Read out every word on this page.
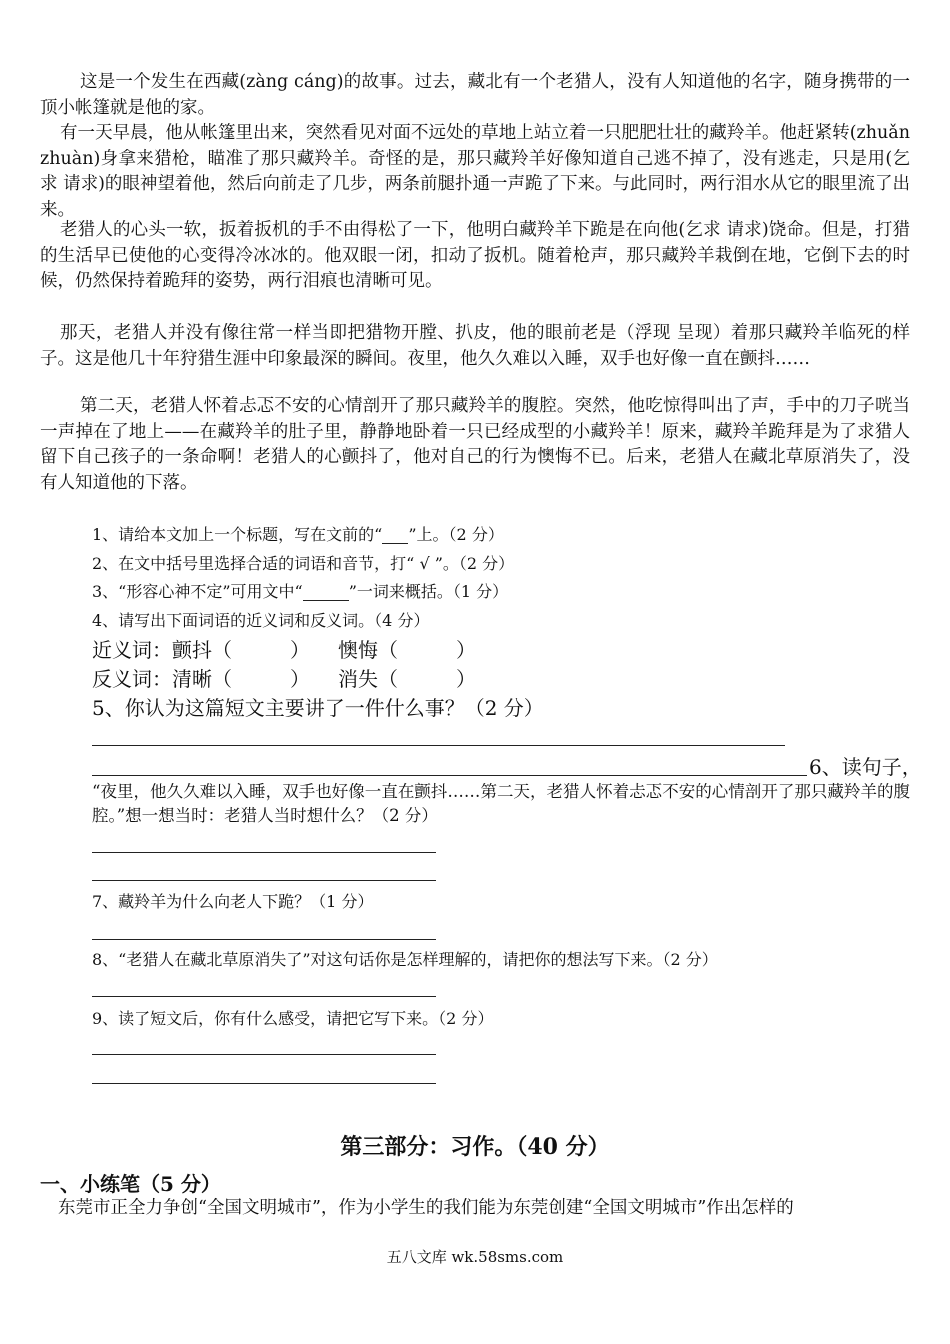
这是一个发生在西藏(zàng cáng)的故事。过去，藏北有一个老猎人，没有人知道他的名字，随身携带的一顶小帐篷就是他的家。

有一天早晨，他从帐篷里出来，突然看见对面不远处的草地上站立着一只肥肥壮壮的藏羚羊。他赶紧转(zhuǎn zhuàn)身拿来猎枪，瞄准了那只藏羚羊。奇怪的是，那只藏羚羊好像知道自己逃不掉了，没有逃走，只是用(乞求 请求)的眼神望着他，然后向前走了几步，两条前腿扑通一声跪了下来。与此同时，两行泪水从它的眼里流了出来。

老猎人的心头一软，扳着扳机的手不由得松了一下，他明白藏羚羊下跪是在向他(乞求 请求)饶命。但是，打猎的生活早已使他的心变得冷冰冰的。他双眼一闭，扣动了扳机。随着枪声，那只藏羚羊栽倒在地，它倒下去的时候，仍然保持着跪拜的姿势，两行泪痕也清晰可见。

那天，老猎人并没有像往常一样当即把猎物开膛、扒皮，他的眼前老是（浮现 呈现）着那只藏羚羊临死的样子。这是他几十年狩猎生涯中印象最深的瞬间。夜里，他久久难以入睡，双手也好像一直在颤抖……

第二天，老猎人怀着忐忑不安的心情剖开了那只藏羚羊的腹腔。突然，他吃惊得叫出了声，手中的刀子咣当一声掉在了地上——在藏羚羊的肚子里，静静地卧着一只已经成型的小藏羚羊！原来，藏羚羊跪拜是为了求猎人留下自己孩子的一条命啊！老猎人的心颤抖了，他对自己的行为懊悔不已。后来，老猎人在藏北草原消失了，没有人知道他的下落。

1、请给本文加上一个标题，写在文前的“ ”上。（2 分）
2、在文中括号里选择合适的词语和音节，打“ √ ”。（2 分）
3、“形容心神不定”可用文中“	”一词来概括。（1 分）
4、请写出下面词语的近义词和反义词。（4 分）
近义词：颤抖（	） 懊悔（	）
反义词：清晰（	） 消失（	）
5、你认为这篇短文主要讲了一件什么事？（2 分）
6、读句子，

“夜里，他久久难以入睡，双手也好像一直在颤抖……第二天，老猎人怀着忐忑不安的心情剖开了那只藏羚羊的腹腔。”想一想当时：老猎人当时想什么？（2 分）

7、藏羚羊为什么向老人下跪？（1 分）
8、“老猎人在藏北草原消失了”对这句话你是怎样理解的，请把你的想法写下来。（2 分）
9、读了短文后，你有什么感受，请把它写下来。（2 分）
第三部分：习作。（40 分）
一、小练笔（5 分）

东莞市正全力争创“全国文明城市”，作为小学生的我们能为东莞创建“全国文明城市”作出怎样的

五八文库 wk.58sms.com
